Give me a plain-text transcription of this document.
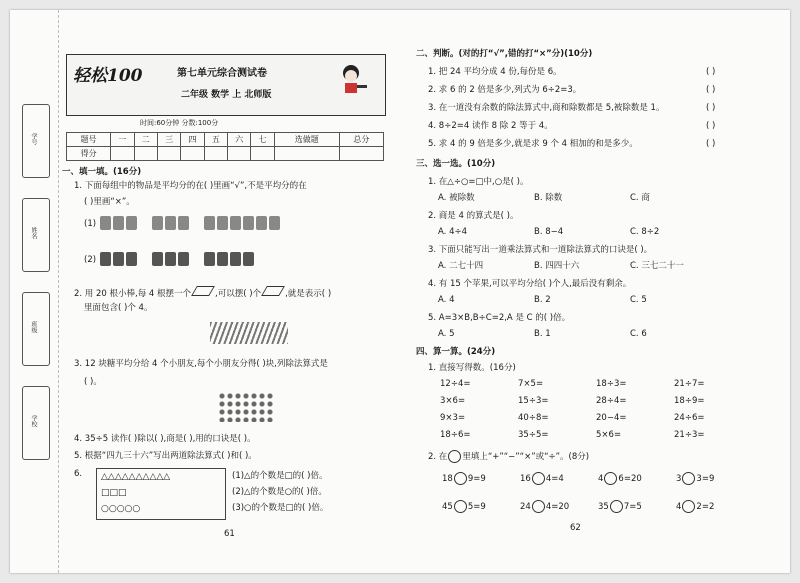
学号
姓名
班级
学校
轻松100	第七单元综合测试卷
二年级 数学 上 北师版
时间:60分钟 分数:100分
题号	一	二	三	四	五	六	七	选做题	总分
得分									
一、填一填。(16分)
1. 下面每组中的物品是平均分的在( )里画“√”,不是平均分的在
( )里画“×”。
(1)
(2)
2. 用 20 根小棒,每 4 根摆一个	,可以摆( )个	,就是表示( )
里面包含( )个 4。
3. 12 块糖平均分给 4 个小朋友,每个小朋友分得( )块,列除法算式是
( )。
4. 35÷5 读作( )除以( ),商是( ),用的口诀是( )。
5. 根据“四九三十六”写出两道除法算式( )和( )。
6. △△△△△△△△△△
□□□
○○○○○
(1)△的个数是□的( )倍。
(2)△的个数是○的( )倍。
(3)○的个数是□的( )倍。
61
二、判断。(对的打“√”,错的打“×”分)(10分)
1. 把 24 平均分成 4 份,每份是 6。
2. 求 6 的 2 倍是多少,列式为 6÷2=3。
3. 在一道没有余数的除法算式中,商和除数都是 5,被除数是 1。
4. 8÷2=4 读作 8 除 2 等于 4。
5. 求 4 的 9 倍是多少,就是求 9 个 4 相加的和是多少。
( )
( )
( )
( )
( )
三、选一选。(10分)
1. 在△÷○=□中,○是( )。
A. 被除数	B. 除数	C. 商
2. 商是 4 的算式是( )。
A. 4÷4	B. 8−4	C. 8÷2
3. 下面只能写出一道乘法算式和一道除法算式的口诀是( )。
A. 二七十四	B. 四四十六	C. 三七二十一
4. 有 15 个苹果,可以平均分给( )个人,最后没有剩余。
A. 4	B. 2	C. 5
5. A=3×B,B÷C=2,A 是 C 的( )倍。
A. 5	B. 1	C. 6
四、算一算。(24分)
1. 直接写得数。(16分)
12÷4=	7×5=	18÷3=	21÷7=
3×6=	15÷3=	28÷4=	18÷9=
9×3=	40÷8=	20−4=	24÷6=
18÷6=	35÷5=	5×6=	21÷3=
2. 在 里填上“+”“−”“×”或“÷”。(8分)
18 9=9	16 4=4	4 6=20	3 3=9
45 5=9	24 4=20	35 7=5	4 2=2
62
